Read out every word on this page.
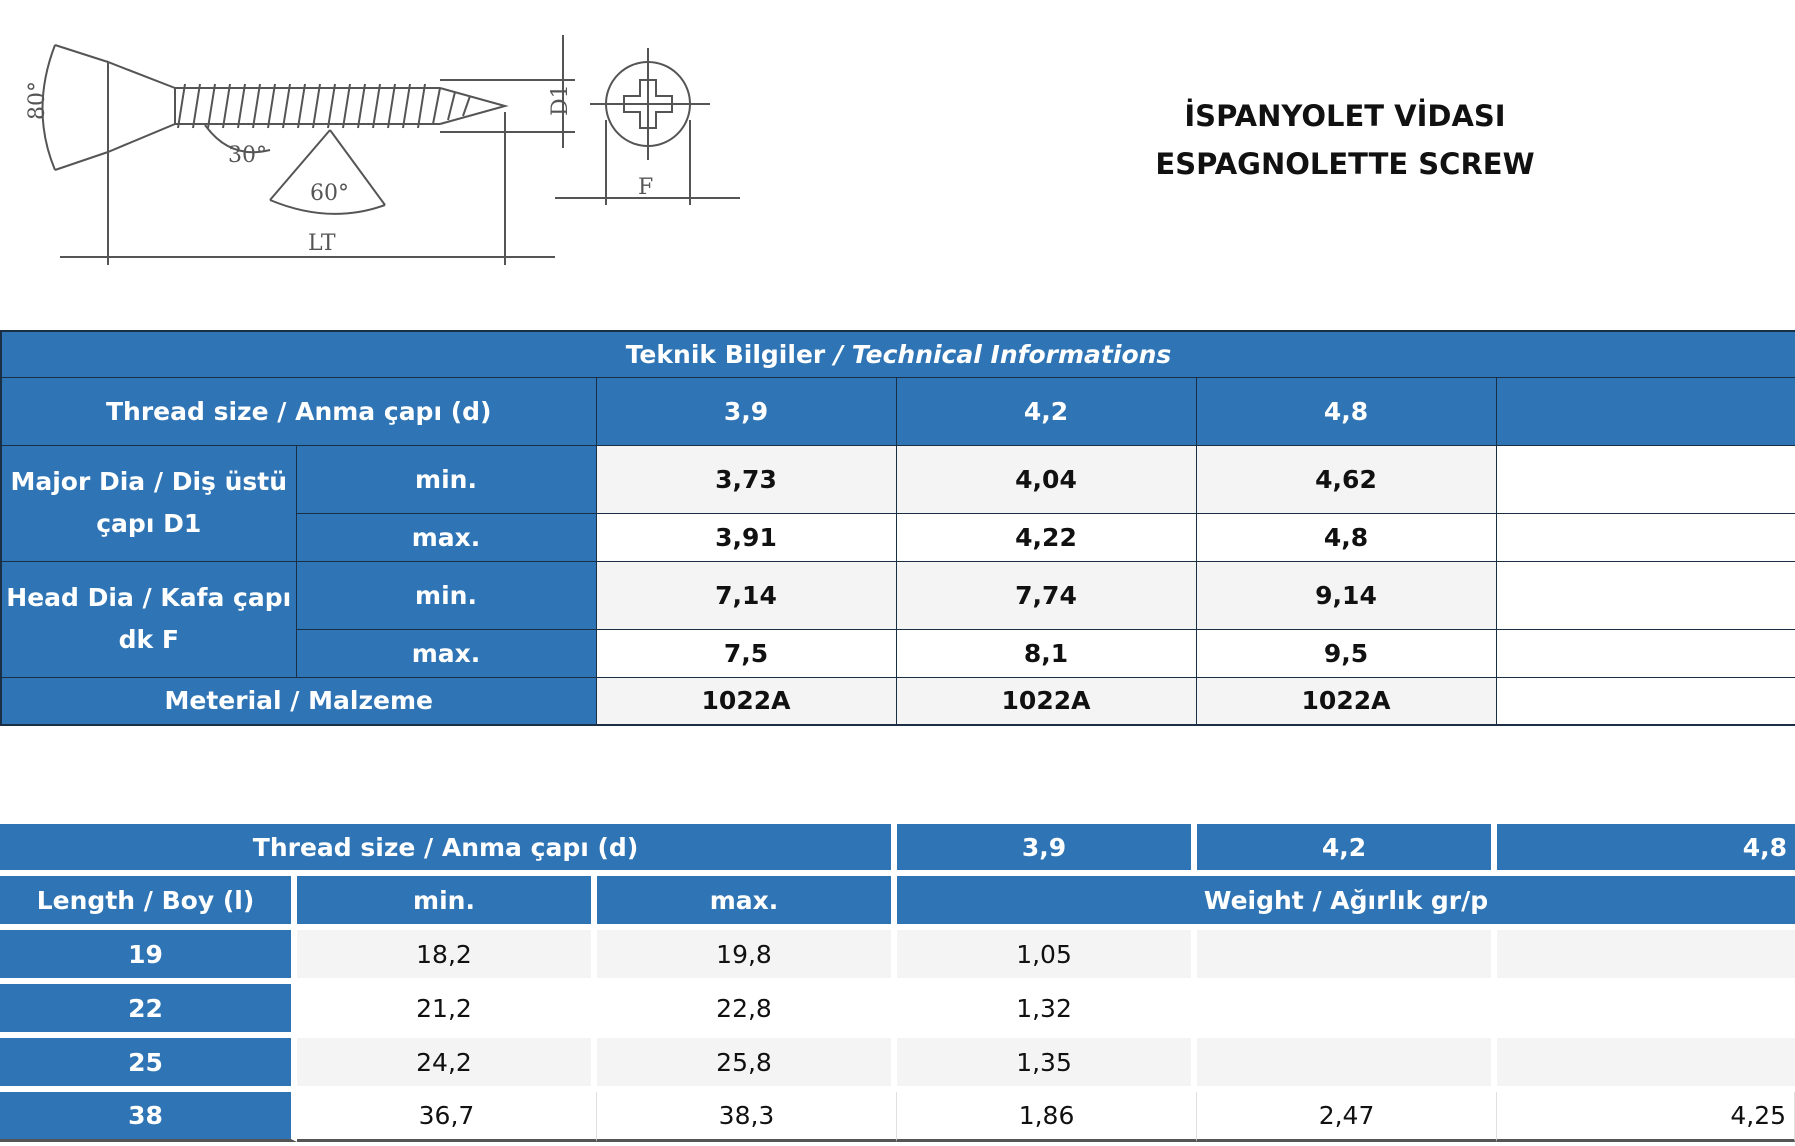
80°
30°
60°
LT
D1
F
İSPANYOLET VİDASI
ESPAGNOLETTE SCREW
Teknik Bilgiler / Technical Informations					
Thread size / Anma çapı (d)		3,9	4,2	4,8	
Major Dia / Diş üstü çapı D1	min.	3,73	4,04	4,62	
	max.	3,91	4,22	4,8	
Head Dia / Kafa çapı dk F	min.	7,14	7,74	9,14	
	max.	7,5	8,1	9,5	
Meterial / Malzeme		1022A	1022A	1022A	
Thread size / Anma çapı (d)			3,9	4,2	4,8
Length / Boy (l)	min.	max.	Weight / Ağırlık gr/p		
19	18,2	19,8	1,05		
22	21,2	22,8	1,32		
25	24,2	25,8	1,35		
38	36,7	38,3	1,86	2,47	4,25
